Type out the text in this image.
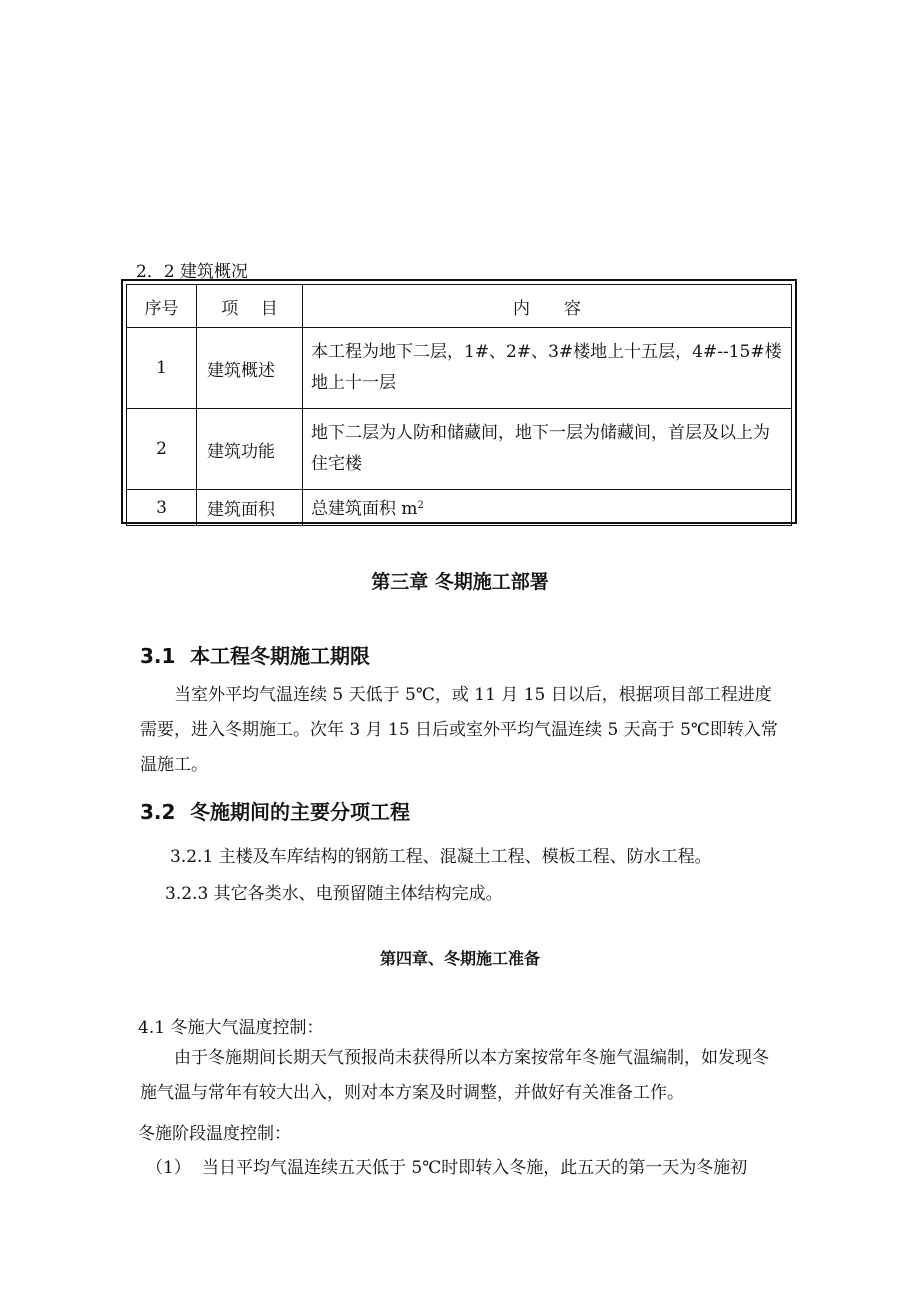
2．2 建筑概况
序号	项　 目	内　　容
1	建筑概述	本工程为地下二层，1#、2#、3#楼地上十五层，4#--15#楼地上十一层
2	建筑功能	地下二层为人防和储藏间，地下一层为储藏间，首层及以上为住宅楼
3	建筑面积	总建筑面积 $m^2$
第三章 冬期施工部署
3.1 本工程冬期施工期限
当室外平均气温连续 5 天低于 5℃，或 11 月 15 日以后，根据项目部工程进度需要，进入冬期施工。次年 3 月 15 日后或室外平均气温连续 5 天高于 5℃即转入常温施工。
3.2 冬施期间的主要分项工程
3.2.1 主楼及车库结构的钢筋工程、混凝土工程、模板工程、防水工程。
3.2.3 其它各类水、电预留随主体结构完成。
第四章、冬期施工准备
4.1 冬施大气温度控制：
由于冬施期间长期天气预报尚未获得所以本方案按常年冬施气温编制，如发现冬施气温与常年有较大出入，则对本方案及时调整，并做好有关准备工作。
冬施阶段温度控制：
（1） 当日平均气温连续五天低于 5℃时即转入冬施，此五天的第一天为冬施初
